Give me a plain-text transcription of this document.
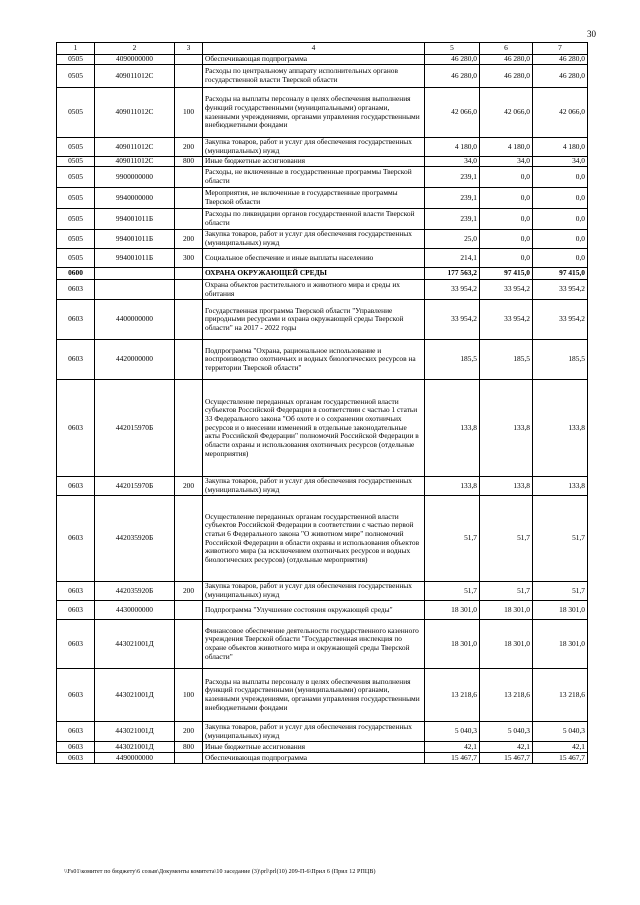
30
1	2	3	4	5	6	7
0505	4090000000		Обеспечивающая подпрограмма	46 280,0	46 280,0	46 280,0
0505	409011012С		Расходы по центральному аппарату исполнительных органов государственной власти Тверской области	46 280,0	46 280,0	46 280,0
0505	409011012С	100	Расходы на выплаты персоналу в целях обеспечения выполнения функций государственными (муниципальными) органами, казенными учреждениями, органами управления государственными внебюджетными фондами	42 066,0	42 066,0	42 066,0
0505	409011012С	200	Закупка товаров, работ и услуг для обеспечения государственных (муниципальных) нужд	4 180,0	4 180,0	4 180,0
0505	409011012С	800	Иные бюджетные ассигнования	34,0	34,0	34,0
0505	9900000000		Расходы, не включенные в государственные программы Тверской области	239,1	0,0	0,0
0505	9940000000		Мероприятия, не включенные в государственные программы Тверской области	239,1	0,0	0,0
0505	994001011Б		Расходы по ликвидации органов государственной власти Тверской области	239,1	0,0	0,0
0505	994001011Б	200	Закупка товаров, работ и услуг для обеспечения государственных (муниципальных) нужд	25,0	0,0	0,0
0505	994001011Б	300	Социальное обеспечение и иные выплаты населению	214,1	0,0	0,0
0600			ОХРАНА ОКРУЖАЮЩЕЙ СРЕДЫ	177 563,2	97 415,0	97 415,0
0603			Охрана объектов растительного и животного мира и среды их обитания	33 954,2	33 954,2	33 954,2
0603	4400000000		Государственная программа Тверской области "Управление природными ресурсами и охрана окружающей среды Тверской области" на 2017 - 2022 годы	33 954,2	33 954,2	33 954,2
0603	4420000000		Подпрограмма "Охрана, рациональное использование и воспроизводство охотничьих и водных биологических ресурсов на территории Тверской области"	185,5	185,5	185,5
0603	442015970Б		Осуществление переданных органам государственной власти субъектов Российской Федерации в соответствии с частью 1 статьи 33 Федерального закона "Об охоте и о сохранении охотничьих ресурсов и о внесении изменений в отдельные законодательные акты Российской Федерации" полномочий Российской Федерации в области охраны и использования охотничьих ресурсов (отдельные мероприятия)	133,8	133,8	133,8
0603	442015970Б	200	Закупка товаров, работ и услуг для обеспечения государственных (муниципальных) нужд	133,8	133,8	133,8
0603	442035920Б		Осуществление переданных органам государственной власти субъектов Российской Федерации в соответствии с частью первой статьи 6 Федерального закона "О животном мире" полномочий Российской Федерации в области охраны и использования объектов животного мира (за исключением охотничьих ресурсов и водных биологических ресурсов) (отдельные мероприятия)	51,7	51,7	51,7
0603	442035920Б	200	Закупка товаров, работ и услуг для обеспечения государственных (муниципальных) нужд	51,7	51,7	51,7
0603	4430000000		Подпрограмма "Улучшение состояния окружающей среды"	18 301,0	18 301,0	18 301,0
0603	443021001Д		Финансовое обеспечение деятельности государственного казенного учреждения Тверской области "Государственная инспекция по охране объектов животного мира и окружающей среды Тверской области"	18 301,0	18 301,0	18 301,0
0603	443021001Д	100	Расходы на выплаты персоналу в целях обеспечения выполнения функций государственными (муниципальными) органами, казенными учреждениями, органами управления государственными внебюджетными фондами	13 218,6	13 218,6	13 218,6
0603	443021001Д	200	Закупка товаров, работ и услуг для обеспечения государственных (муниципальных) нужд	5 040,3	5 040,3	5 040,3
0603	443021001Д	800	Иные бюджетные ассигнования	42,1	42,1	42,1
0603	4490000000		Обеспечивающая подпрограмма	15 467,7	15 467,7	15 467,7
\\Fs01\комитет по бюджету\6 созыв\Документы комитета\10 заседание (3)\prl\prl(10) 209-П-6\Прил 6 (Прил 12 РПЦВ)
